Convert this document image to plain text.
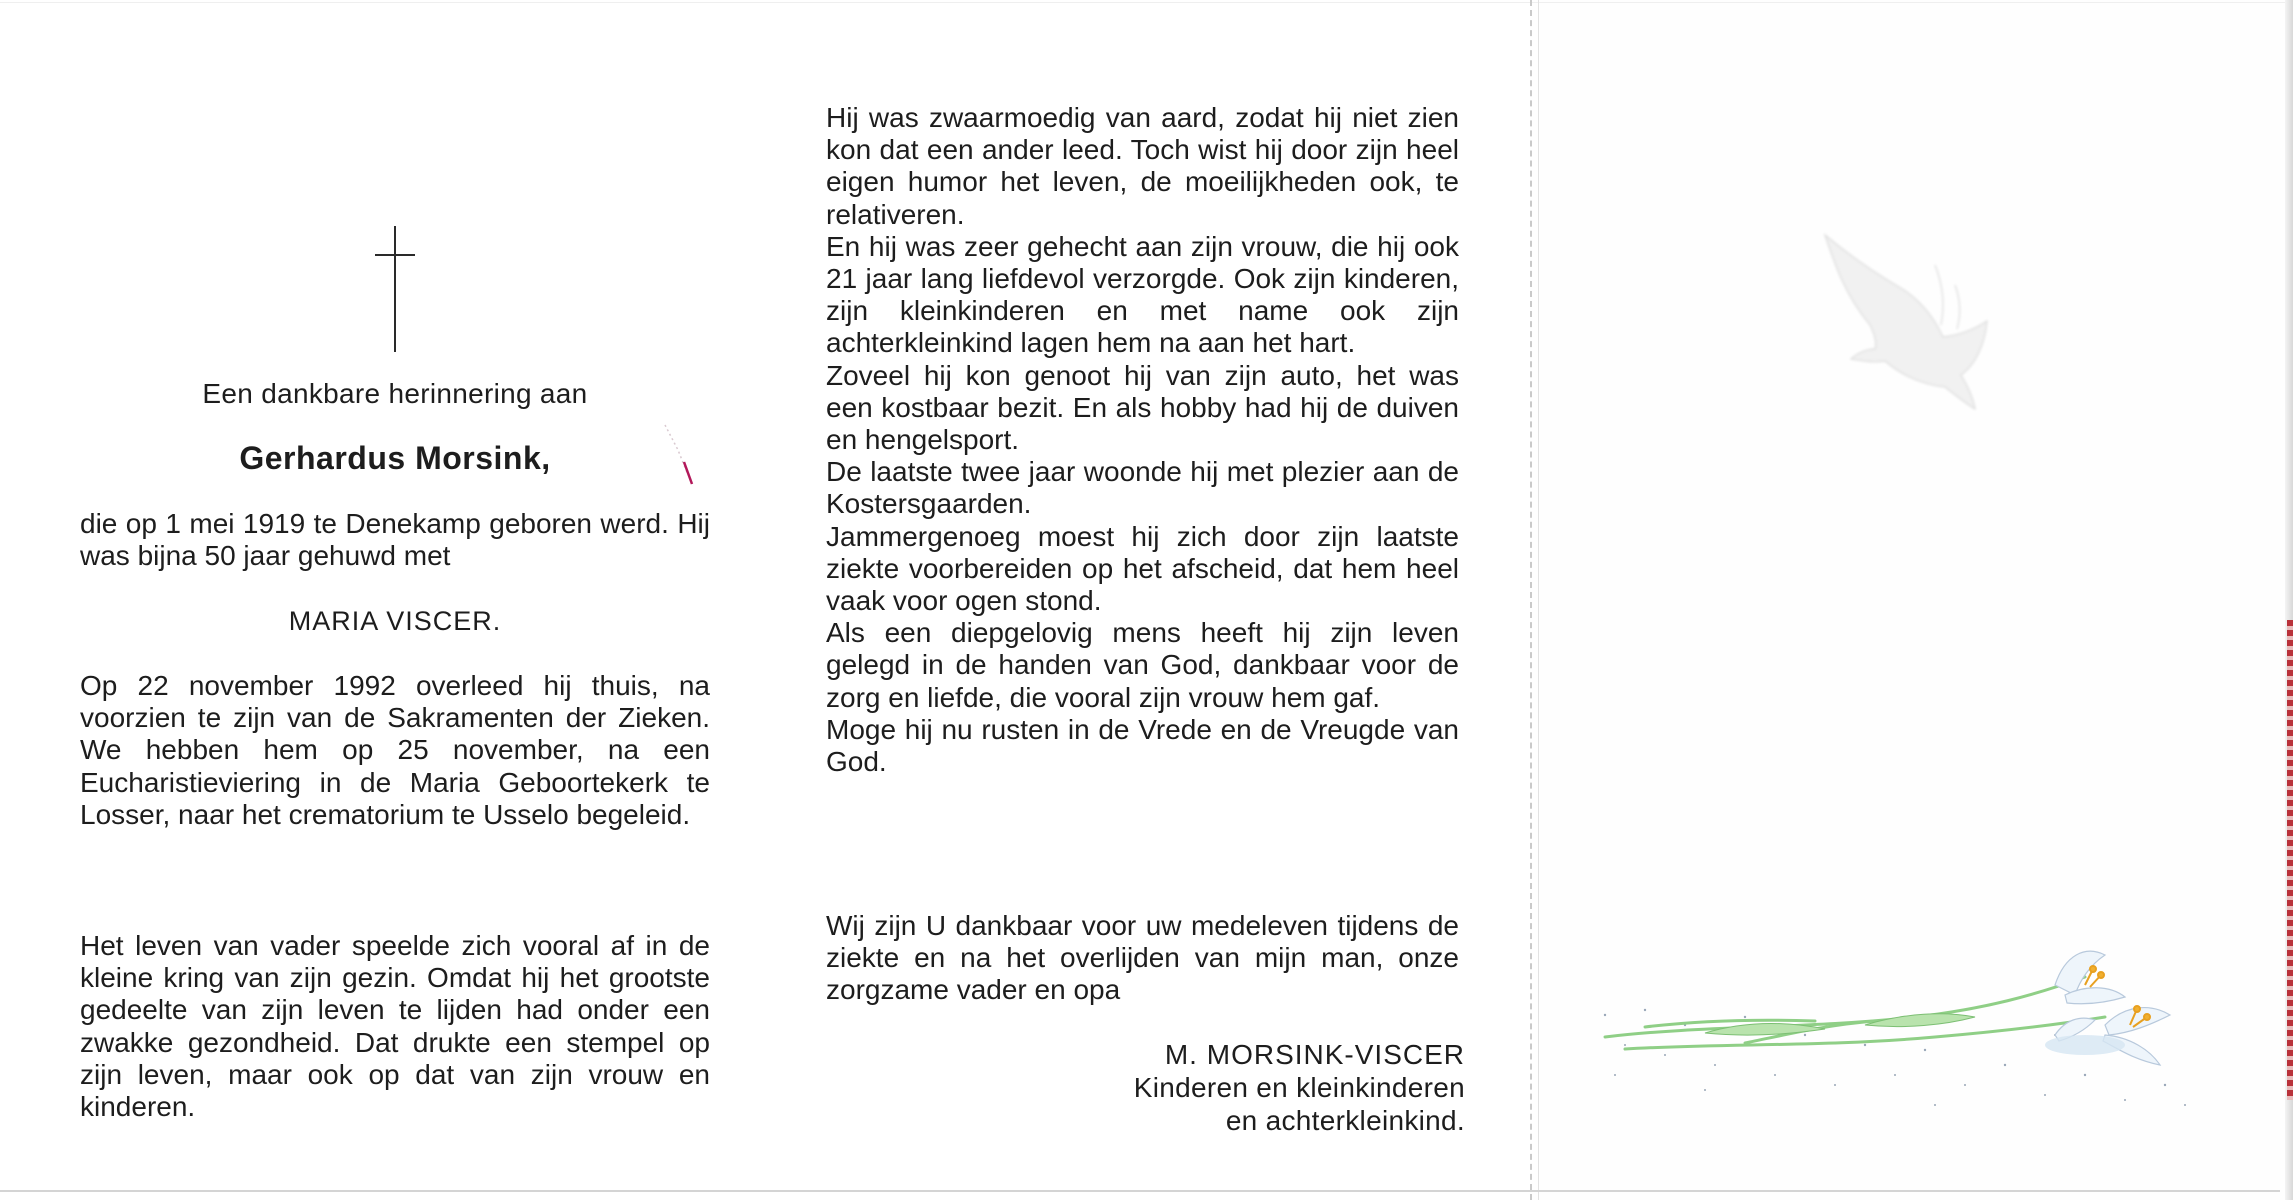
Een dankbare herinnering aan
Gerhardus Morsink,

die op 1 mei 1919 te Denekamp geboren werd. Hij was bijna 50 jaar gehuwd met

MARIA VISCER.

Op 22 november 1992 overleed hij thuis, na voorzien te zijn van de Sakramenten der Zieken. We hebben hem op 25 november, na een Eucharistieviering in de Maria Geboortekerk te Losser, naar het crematorium te Usselo begeleid.

Het leven van vader speelde zich vooral af in de kleine kring van zijn gezin. Omdat hij het grootste gedeelte van zijn leven te lijden had onder een zwakke gezondheid. Dat drukte een stempel op zijn leven, maar ook op dat van zijn vrouw en kinderen.

Hij was zwaarmoedig van aard, zodat hij niet zien kon dat een ander leed. Toch wist hij door zijn heel eigen humor het leven, de moeilijkheden ook, te relativeren.
En hij was zeer gehecht aan zijn vrouw, die hij ook 21 jaar lang liefdevol verzorgde. Ook zijn kinderen, zijn kleinkinderen en met name ook zijn achterkleinkind lagen hem na aan het hart.
Zoveel hij kon genoot hij van zijn auto, het was een kostbaar bezit. En als hobby had hij de duiven en hengelsport.
De laatste twee jaar woonde hij met plezier aan de Kostersgaarden.
Jammergenoeg moest hij zich door zijn laatste ziekte voorbereiden op het afscheid, dat hem heel vaak voor ogen stond.
Als een diepgelovig mens heeft hij zijn leven gelegd in de handen van God, dankbaar voor de zorg en liefde, die vooral zijn vrouw hem gaf.
Moge hij nu rusten in de Vrede en de Vreugde van God.

Wij zijn U dankbaar voor uw medeleven tijdens de ziekte en na het overlijden van mijn man, onze zorgzame vader en opa

M. MORSINK-VISCER
Kinderen en kleinkinderen
en achterkleinkind.
